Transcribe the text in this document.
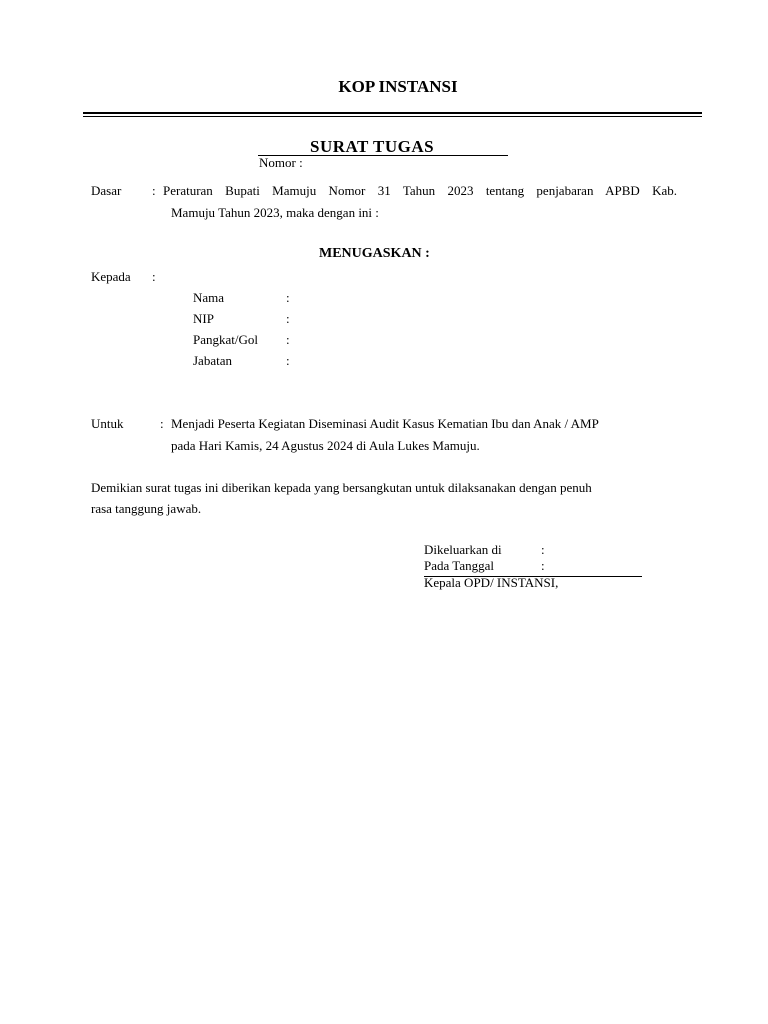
KOP INSTANSI
SURAT TUGAS
Nomor :
Dasar : Peraturan Bupati Mamuju Nomor 31 Tahun 2023 tentang penjabaran APBD Kab.
Mamuju Tahun 2023, maka dengan ini :
MENUGASKAN :
Kepada :
Nama	:
NIP	:
Pangkat/Gol :
Jabatan	:
Untuk	: Menjadi Peserta Kegiatan Diseminasi Audit Kasus Kematian Ibu dan Anak / AMP
pada Hari Kamis, 24 Agustus 2024 di Aula Lukes Mamuju.
Demikian surat tugas ini diberikan kepada yang bersangkutan untuk dilaksanakan dengan penuh
rasa tanggung jawab.
Dikeluarkan di	:
Pada Tanggal	:
Kepala OPD/ INSTANSI,
